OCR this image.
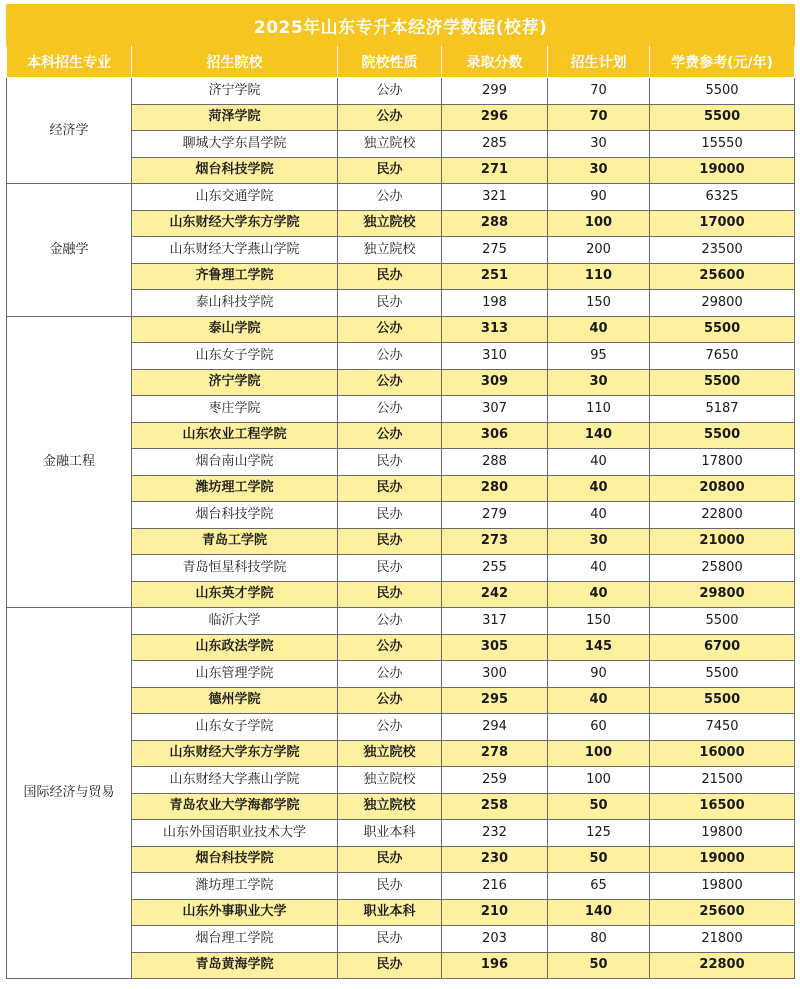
2025年山东专升本经济学数据(校荐)					
本科招生专业	招生院校	院校性质	录取分数	招生计划	学费参考(元/年)
经济学	济宁学院	公办	299	70	5500
	菏泽学院	公办	296	70	5500
	聊城大学东昌学院	独立院校	285	30	15550
	烟台科技学院	民办	271	30	19000
金融学	山东交通学院	公办	321	90	6325
	山东财经大学东方学院	独立院校	288	100	17000
	山东财经大学燕山学院	独立院校	275	200	23500
	齐鲁理工学院	民办	251	110	25600
	泰山科技学院	民办	198	150	29800
金融工程	泰山学院	公办	313	40	5500
	山东女子学院	公办	310	95	7650
	济宁学院	公办	309	30	5500
	枣庄学院	公办	307	110	5187
	山东农业工程学院	公办	306	140	5500
	烟台南山学院	民办	288	40	17800
	潍坊理工学院	民办	280	40	20800
	烟台科技学院	民办	279	40	22800
	青岛工学院	民办	273	30	21000
	青岛恒星科技学院	民办	255	40	25800
	山东英才学院	民办	242	40	29800
国际经济与贸易	临沂大学	公办	317	150	5500
	山东政法学院	公办	305	145	6700
	山东管理学院	公办	300	90	5500
	德州学院	公办	295	40	5500
	山东女子学院	公办	294	60	7450
	山东财经大学东方学院	独立院校	278	100	16000
	山东财经大学燕山学院	独立院校	259	100	21500
	青岛农业大学海都学院	独立院校	258	50	16500
	山东外国语职业技术大学	职业本科	232	125	19800
	烟台科技学院	民办	230	50	19000
	潍坊理工学院	民办	216	65	19800
	山东外事职业大学	职业本科	210	140	25600
	烟台理工学院	民办	203	80	21800
	青岛黄海学院	民办	196	50	22800
